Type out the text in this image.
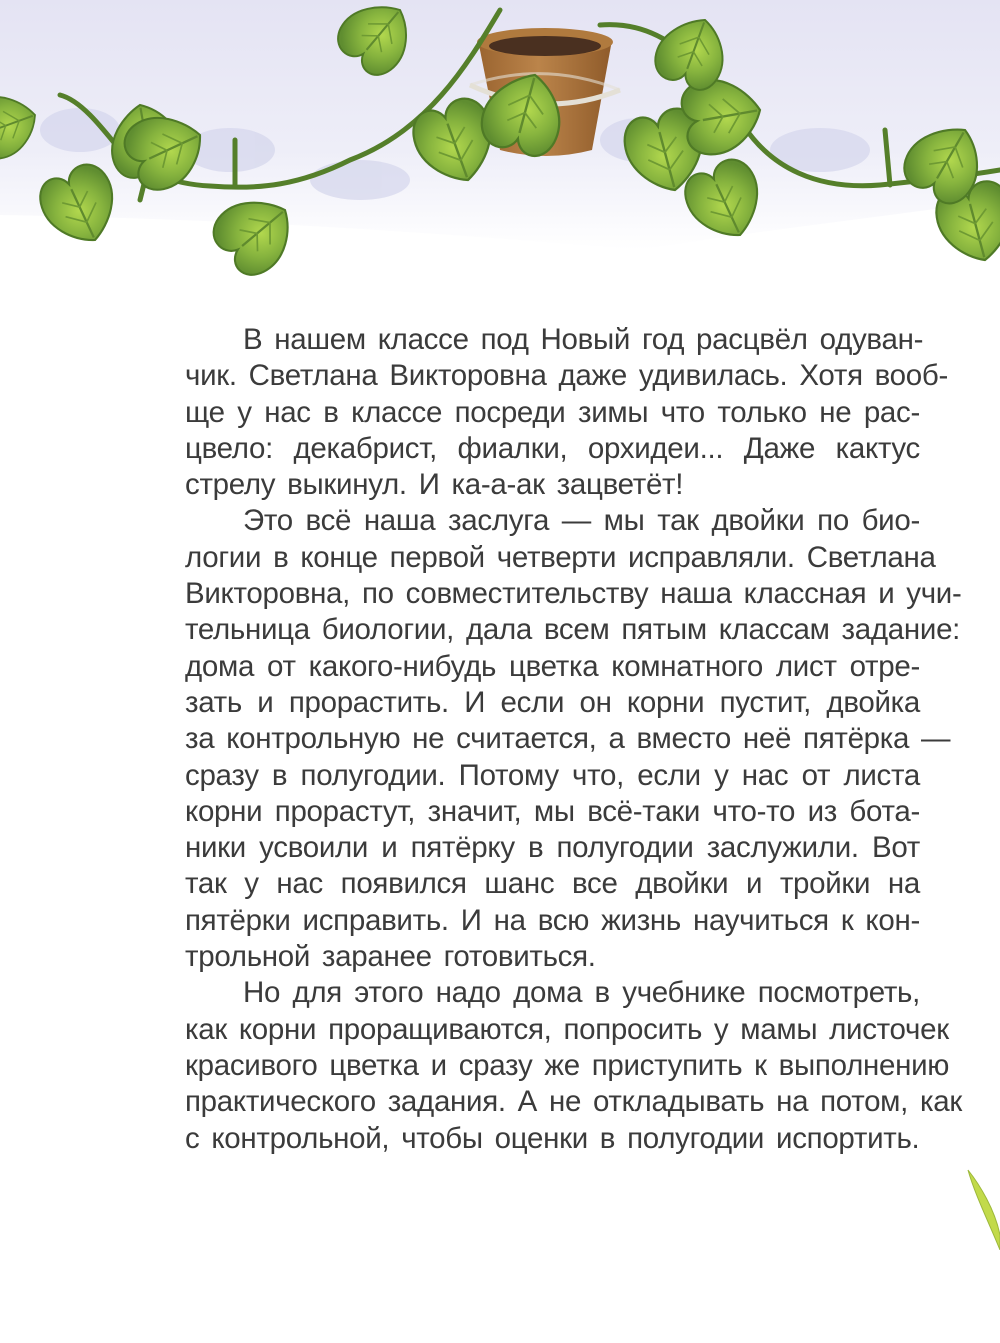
В нашем классе под Новый год расцвёл одуван-
чик. Светлана Викторовна даже удивилась. Хотя вооб-
ще у нас в классе посреди зимы что только не рас-
цвело: декабрист, фиалки, орхидеи... Даже кактус
стрелу выкинул. И ка-а-ак зацветёт!

Это всё наша заслуга — мы так двойки по био-
логии в конце первой четверти исправляли. Светлана
Викторовна, по совместительству наша классная и учи-
тельница биологии, дала всем пятым классам задание:
дома от какого-нибудь цветка комнатного лист отре-
зать и прорастить. И если он корни пустит, двойка
за контрольную не считается, а вместо неё пятёрка —
сразу в полугодии. Потому что, если у нас от листа
корни прорастут, значит, мы всё-таки что-то из бота-
ники усвоили и пятёрку в полугодии заслужили. Вот
так у нас появился шанс все двойки и тройки на
пятёрки исправить. И на всю жизнь научиться к кон-
трольной заранее готовиться.

Но для этого надо дома в учебнике посмотреть,
как корни проращиваются, попросить у мамы листочек
красивого цветка и сразу же приступить к выполнению
практического задания. А не откладывать на потом, как
с контрольной, чтобы оценки в полугодии испортить.
